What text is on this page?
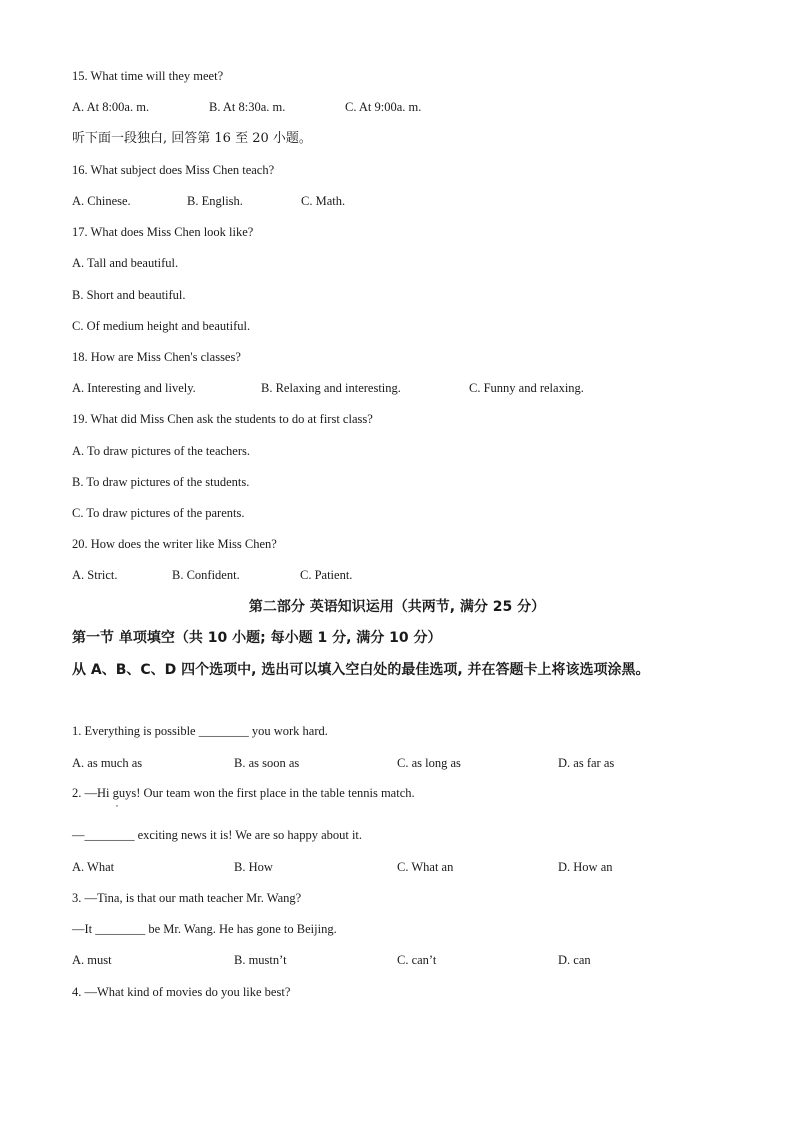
15. What time will they meet?
A. At 8:00a. m.	B. At 8:30a. m.	C. At 9:00a. m.
听下面一段独白, 回答第 16 至 20 小题。
16. What subject does Miss Chen teach?
A. Chinese.	B. English.	C. Math.
17. What does Miss Chen look like?
A. Tall and beautiful.
B. Short and beautiful.
C. Of medium height and beautiful.
18. How are Miss Chen's classes?
A. Interesting and lively.	B. Relaxing and interesting.	C. Funny and relaxing.
19. What did Miss Chen ask the students to do at first class?
A. To draw pictures of the teachers.
B. To draw pictures of the students.
C. To draw pictures of the parents.
20. How does the writer like Miss Chen?
A. Strict.	B. Confident.	C. Patient.
第二部分 英语知识运用（共两节, 满分 25 分）
第一节 单项填空（共 10 小题; 每小题 1 分, 满分 10 分）
从 A、B、C、D 四个选项中, 选出可以填入空白处的最佳选项, 并在答题卡上将该选项涂黑。
1. Everything is possible ________ you work hard.
A. as much as	B. as soon as	C. as long as	D. as far as
2. —Hi guys! Our team won the first place in the table tennis match.
,
—________ exciting news it is! We are so happy about it.
A. What	B. How	C. What an	D. How an
3. —Tina, is that our math teacher Mr. Wang?
—It ________ be Mr. Wang. He has gone to Beijing.
A. must	B. mustn’t	C. can’t	D. can
4. —What kind of movies do you like best?
